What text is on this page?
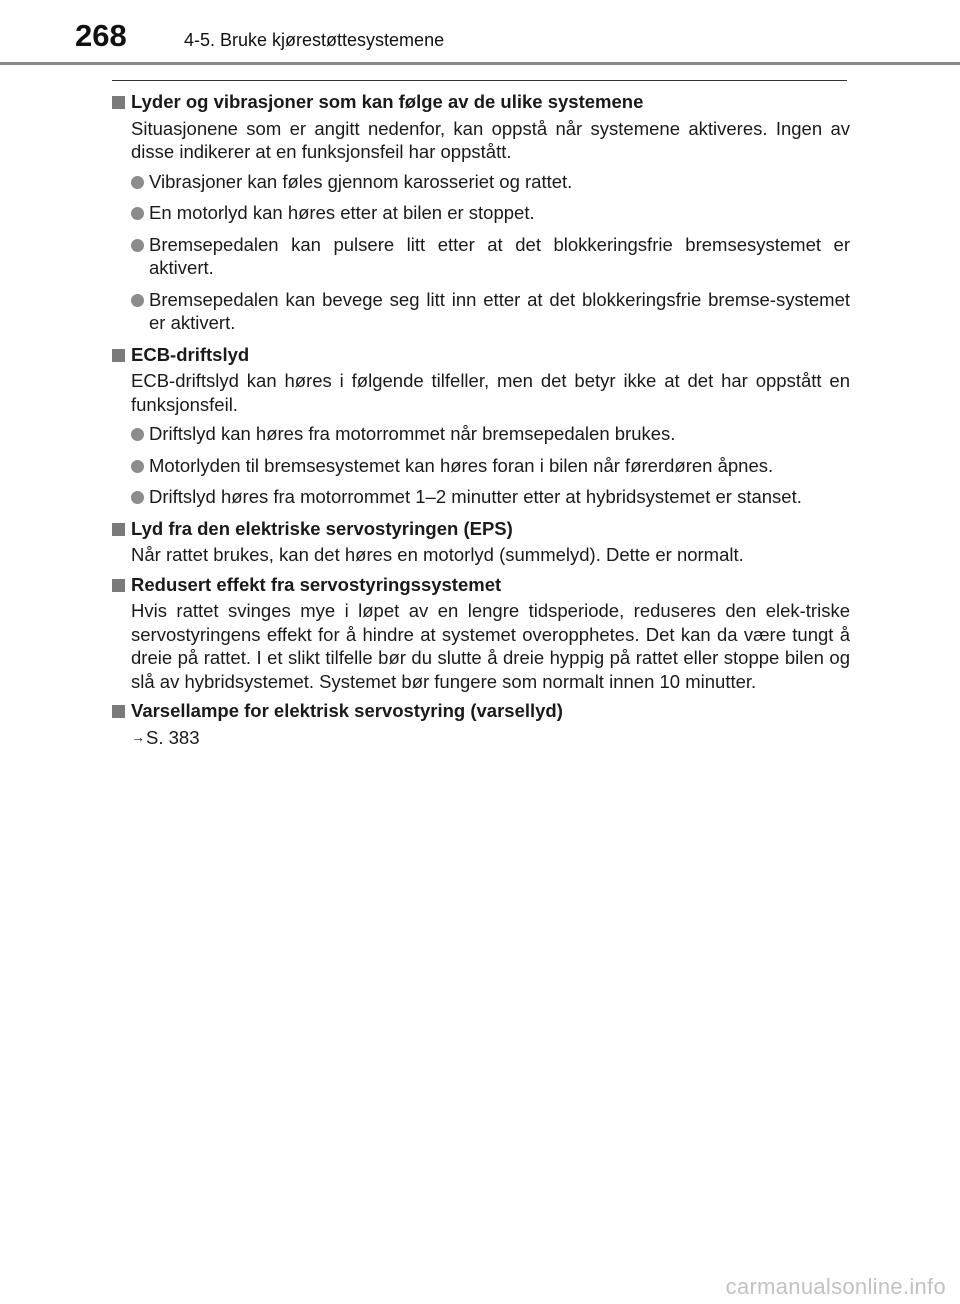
268	4-5. Bruke kjørestøttesystemene
Lyder og vibrasjoner som kan følge av de ulike systemene

Situasjonene som er angitt nedenfor, kan oppstå når systemene aktiveres. Ingen av disse indikerer at en funksjonsfeil har oppstått.

Vibrasjoner kan føles gjennom karosseriet og rattet.
En motorlyd kan høres etter at bilen er stoppet.
Bremsepedalen kan pulsere litt etter at det blokkeringsfrie bremsesystemet er aktivert.
Bremsepedalen kan bevege seg litt inn etter at det blokkeringsfrie bremse-systemet er aktivert.
ECB-driftslyd

ECB-driftslyd kan høres i følgende tilfeller, men det betyr ikke at det har oppstått en funksjonsfeil.

Driftslyd kan høres fra motorrommet når bremsepedalen brukes.
Motorlyden til bremsesystemet kan høres foran i bilen når førerdøren åpnes.
Driftslyd høres fra motorrommet 1–2 minutter etter at hybridsystemet er stanset.
Lyd fra den elektriske servostyringen (EPS)

Når rattet brukes, kan det høres en motorlyd (summelyd). Dette er normalt.

Redusert effekt fra servostyringssystemet

Hvis rattet svinges mye i løpet av en lengre tidsperiode, reduseres den elek-triske servostyringens effekt for å hindre at systemet overopphetes. Det kan da være tungt å dreie på rattet. I et slikt tilfelle bør du slutte å dreie hyppig på rattet eller stoppe bilen og slå av hybridsystemet. Systemet bør fungere som normalt innen 10 minutter.

Varsellampe for elektrisk servostyring (varsellyd)
→S. 383
carmanualsonline.info
